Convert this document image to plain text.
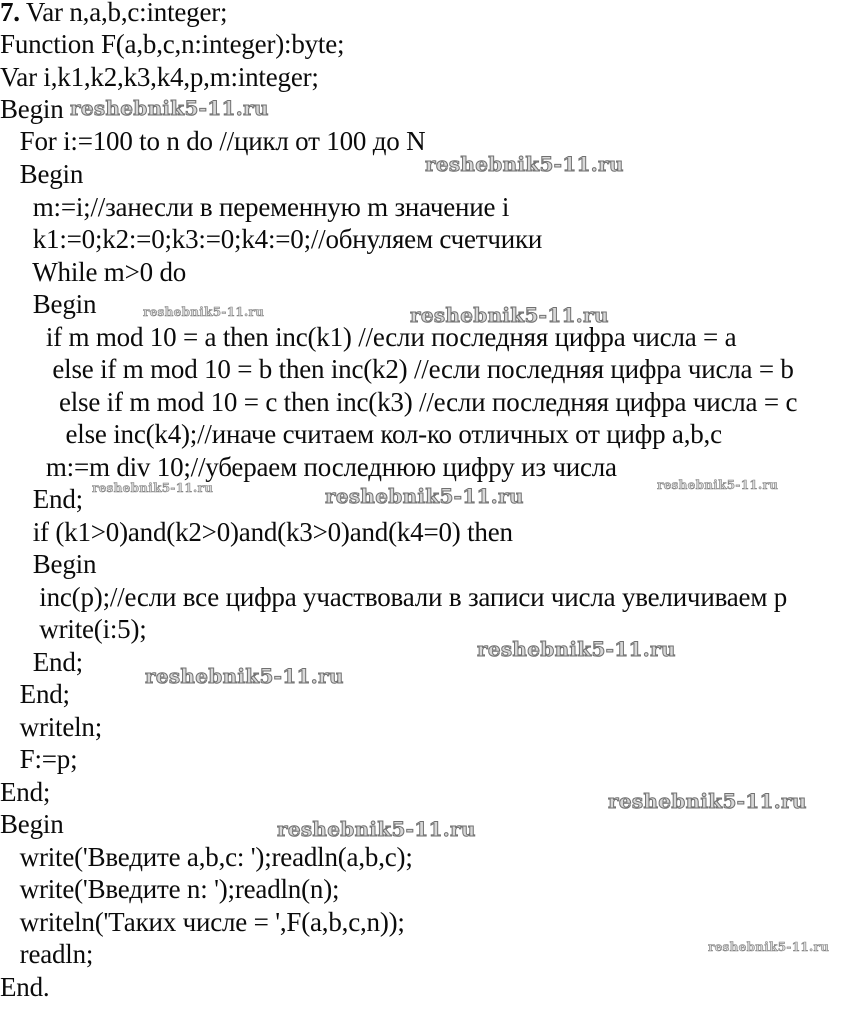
7. Var n,a,b,c:integer;
Function F(a,b,c,n:integer):byte;
Var i,k1,k2,k3,k4,p,m:integer;
Begin
For i:=100 to n do //цикл от 100 до N
Begin
m:=i;//занесли в переменную m значение i
k1:=0;k2:=0;k3:=0;k4:=0;//обнуляем счетчики
While m>0 do
Begin
if m mod 10 = a then inc(k1) //если последняя цифра числа = a
else if m mod 10 = b then inc(k2) //если последняя цифра числа = b
else if m mod 10 = c then inc(k3) //если последняя цифра числа = c
else inc(k4);//иначе считаем кол-ко отличных от цифр a,b,c
m:=m div 10;//убераем последнюю цифру из числа
End;
if (k1>0)and(k2>0)and(k3>0)and(k4=0) then
Begin
inc(p);//если все цифра участвовали в записи числа увеличиваем p
write(i:5);
End;
End;
writeln;
F:=p;
End;
Begin
write('Введите a,b,c: ');readln(a,b,c);
write('Введите n: ');readln(n);
writeln('Таких числе = ',F(a,b,c,n));
readln;
End.
reshebnik5-11.ru
reshebnik5-11.ru
reshebnik5-11.ru	reshebnik5-11.ru
reshebnik5-11.ru	reshebnik5-11.ru	reshebnik5-11.ru
reshebnik5-11.ru
reshebnik5-11.ru
reshebnik5-11.ru
reshebnik5-11.ru
reshebnik5-11.ru
